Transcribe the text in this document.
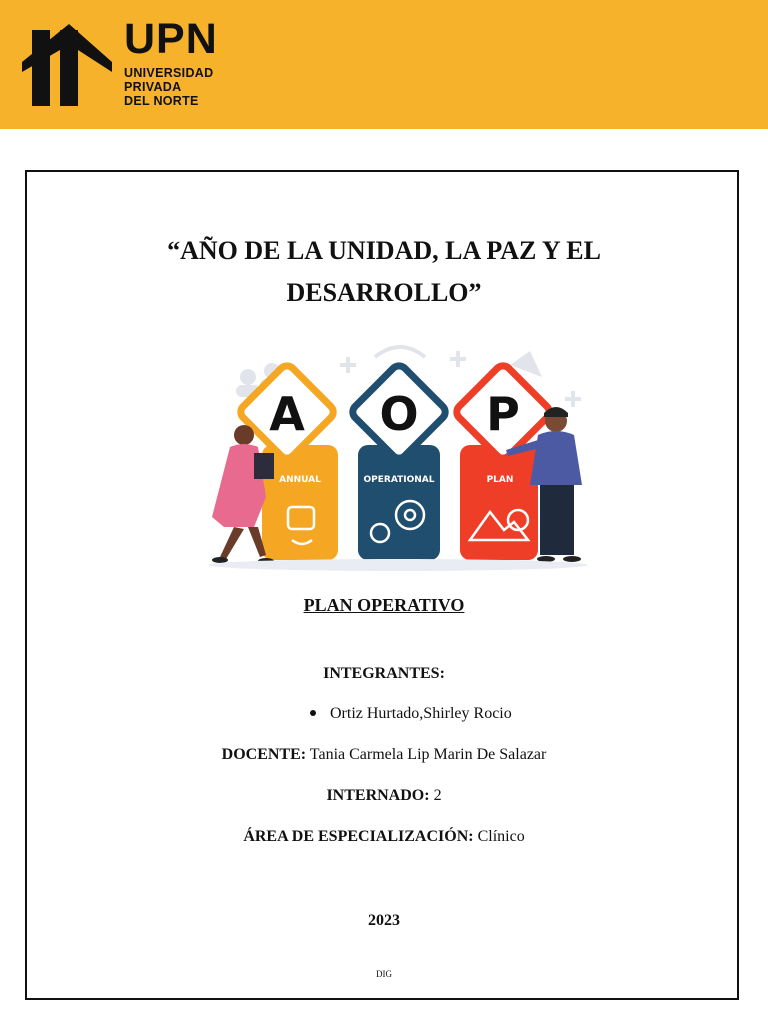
UPN
UNIVERSIDAD
PRIVADA
DEL NORTE
“AÑO DE LA UNIDAD, LA PAZ Y EL
DESARROLLO”
A O P
ANNUAL	OPERATIONAL	PLAN
PLAN OPERATIVO
INTEGRANTES:
Ortiz Hurtado,Shirley Rocio
DOCENTE: Tania Carmela Lip Marin De Salazar
INTERNADO: 2
ÁREA DE ESPECIALIZACIÓN: Clínico
2023
DIG
